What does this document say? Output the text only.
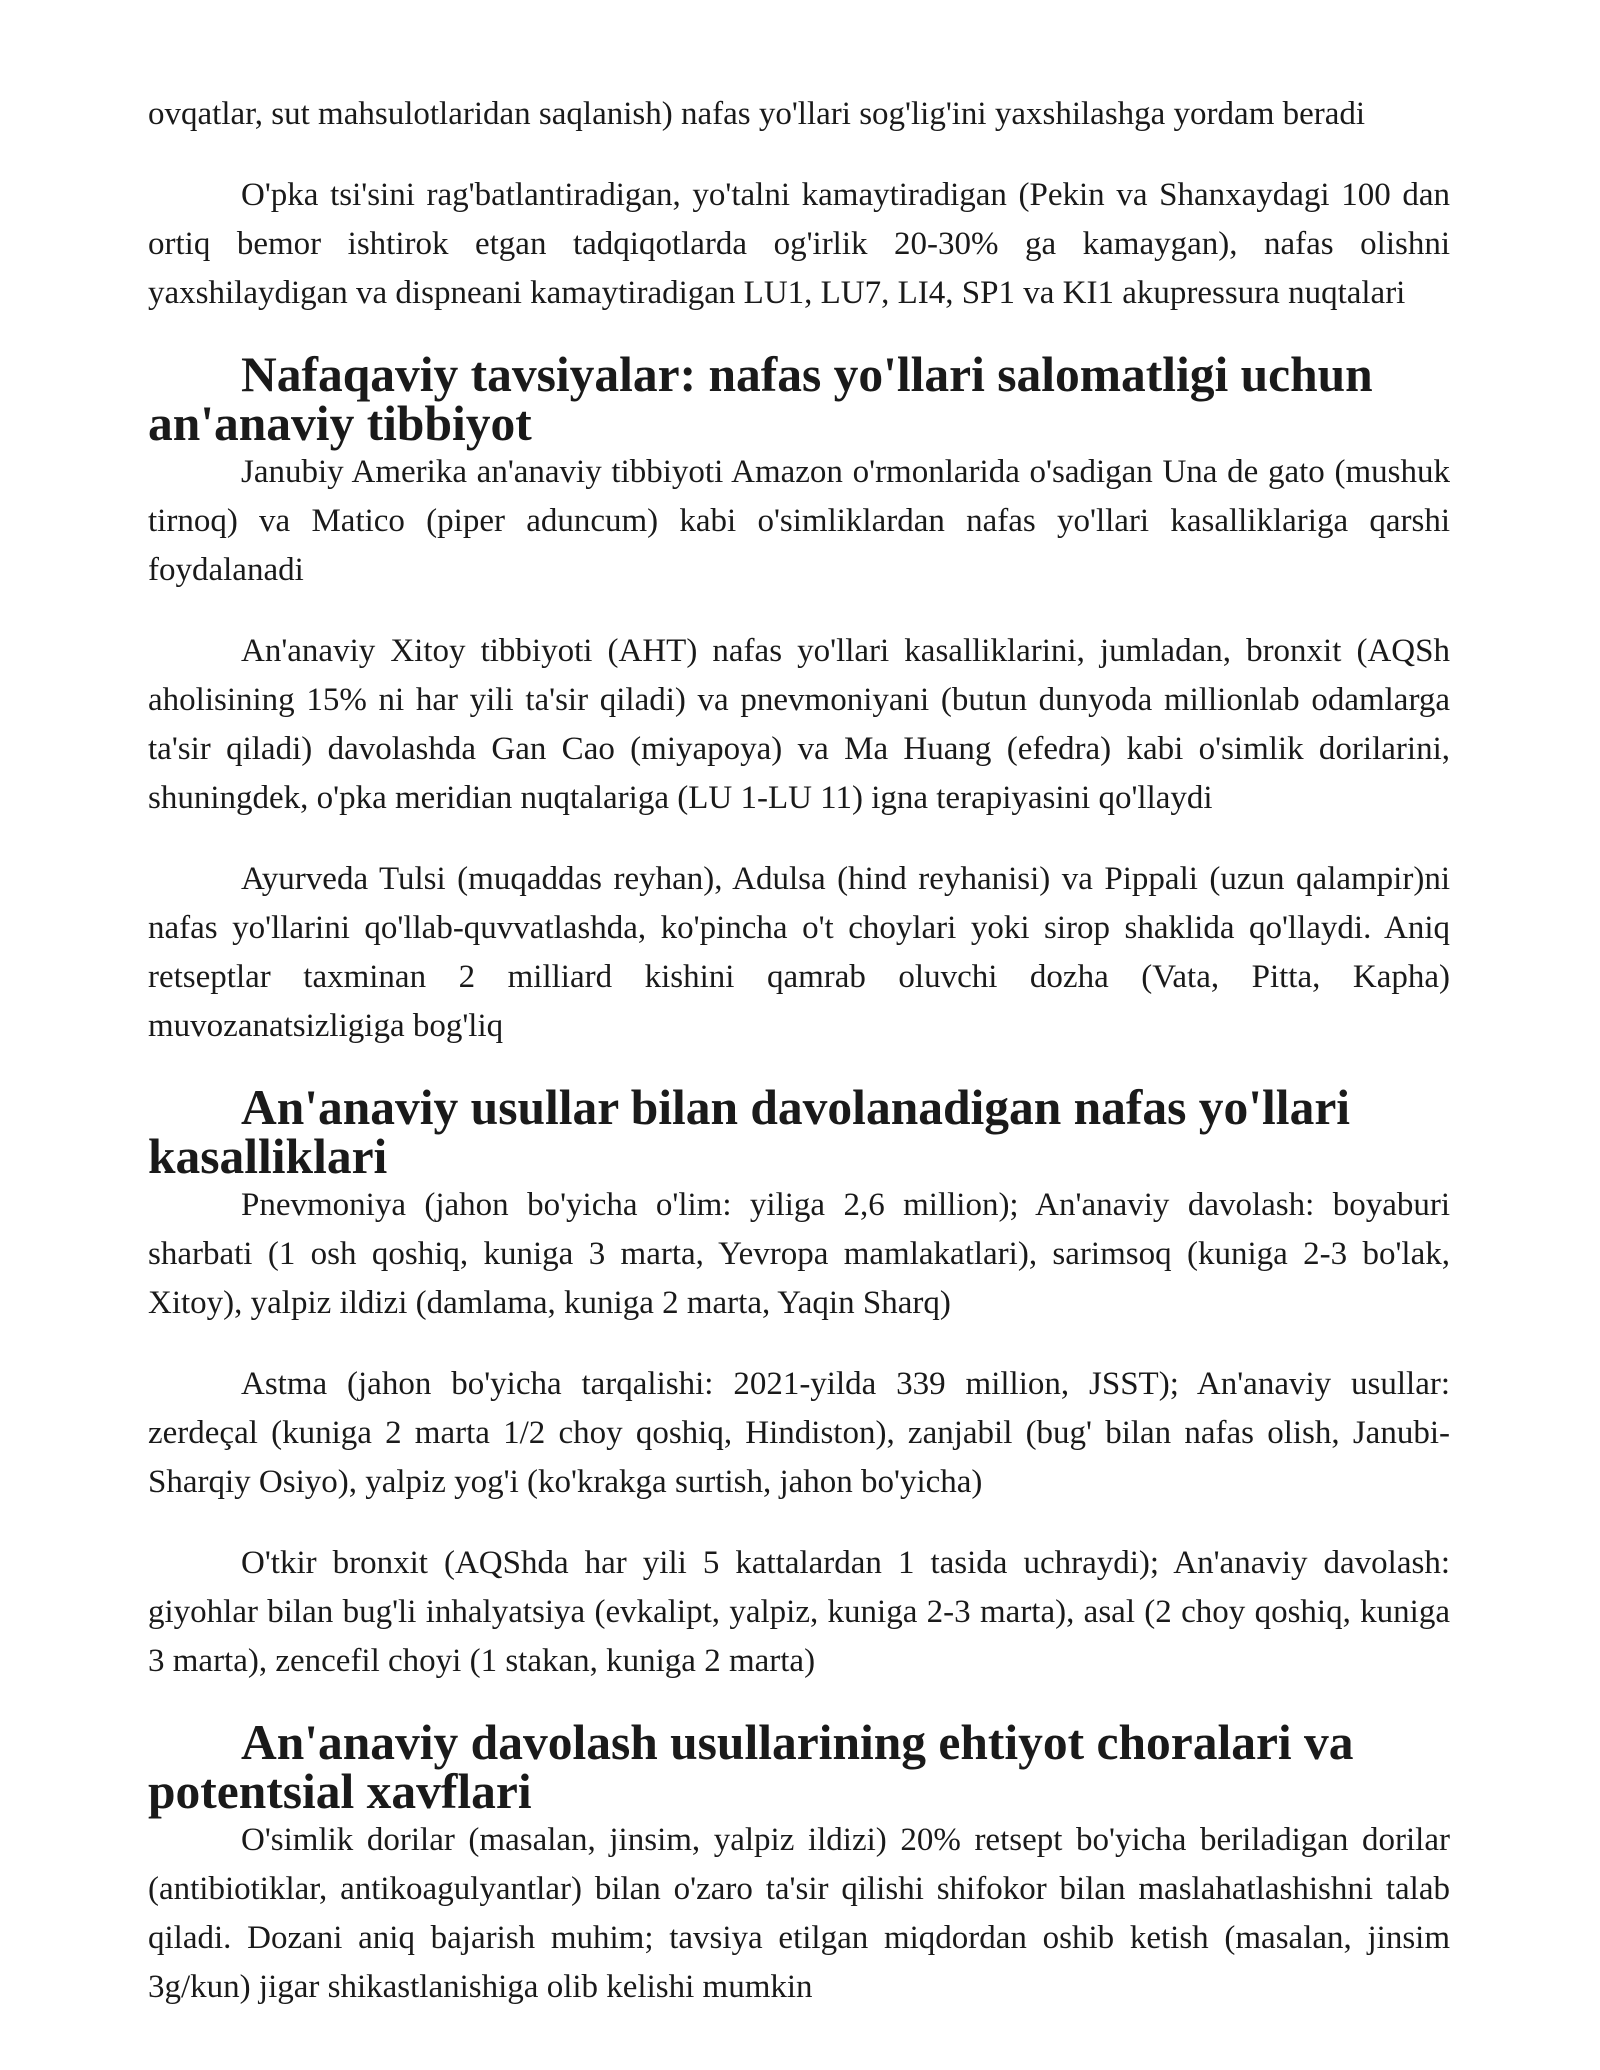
ovqatlar, sut mahsulotlaridan saqlanish) nafas yo'llari sog'lig'ini yaxshilashga yordam beradi

O'pka tsi'sini rag'batlantiradigan, yo'talni kamaytiradigan (Pekin va Shanxaydagi 100 dan ortiq bemor ishtirok etgan tadqiqotlarda og'irlik 20-30% ga kamaygan), nafas olishni yaxshilaydigan va dispneani kamaytiradigan LU1, LU7, LI4, SP1 va KI1 akupressura nuqtalari

Nafaqaviy tavsiyalar: nafas yo'llari salomatligi uchun an'anaviy tibbiyot

Janubiy Amerika an'anaviy tibbiyoti Amazon o'rmonlarida o'sadigan Una de gato (mushuk tirnoq) va Matico (piper aduncum) kabi o'simliklardan nafas yo'llari kasalliklariga qarshi foydalanadi

An'anaviy Xitoy tibbiyoti (AHT) nafas yo'llari kasalliklarini, jumladan, bronxit (AQSh aholisining 15% ni har yili ta'sir qiladi) va pnevmoniyani (butun dunyoda millionlab odamlarga ta'sir qiladi) davolashda Gan Cao (miyapoya) va Ma Huang (efedra) kabi o'simlik dorilarini, shuningdek, o'pka meridian nuqtalariga (LU 1-LU 11) igna terapiyasini qo'llaydi

Ayurveda Tulsi (muqaddas reyhan), Adulsa (hind reyhanisi) va Pippali (uzun qalampir)ni nafas yo'llarini qo'llab-quvvatlashda, ko'pincha o't choylari yoki sirop shaklida qo'llaydi. Aniq retseptlar taxminan 2 milliard kishini qamrab oluvchi dozha (Vata, Pitta, Kapha) muvozanatsizligiga bog'liq

An'anaviy usullar bilan davolanadigan nafas yo'llari kasalliklari

Pnevmoniya (jahon bo'yicha o'lim: yiliga 2,6 million); An'anaviy davolash: boyaburi sharbati (1 osh qoshiq, kuniga 3 marta, Yevropa mamlakatlari), sarimsoq (kuniga 2-3 bo'lak, Xitoy), yalpiz ildizi (damlama, kuniga 2 marta, Yaqin Sharq)

Astma (jahon bo'yicha tarqalishi: 2021-yilda 339 million, JSST); An'anaviy usullar: zerdeçal (kuniga 2 marta 1/2 choy qoshiq, Hindiston), zanjabil (bug' bilan nafas olish, Janubi-Sharqiy Osiyo), yalpiz yog'i (ko'krakga surtish, jahon bo'yicha)

O'tkir bronxit (AQShda har yili 5 kattalardan 1 tasida uchraydi); An'anaviy davolash: giyohlar bilan bug'li inhalyatsiya (evkalipt, yalpiz, kuniga 2-3 marta), asal (2 choy qoshiq, kuniga 3 marta), zencefil choyi (1 stakan, kuniga 2 marta)

An'anaviy davolash usullarining ehtiyot choralari va potentsial xavflari

O'simlik dorilar (masalan, jinsim, yalpiz ildizi) 20% retsept bo'yicha beriladigan dorilar (antibiotiklar, antikoagulyantlar) bilan o'zaro ta'sir qilishi shifokor bilan maslahatlashishni talab qiladi. Dozani aniq bajarish muhim; tavsiya etilgan miqdordan oshib ketish (masalan, jinsim 3g/kun) jigar shikastlanishiga olib kelishi mumkin
